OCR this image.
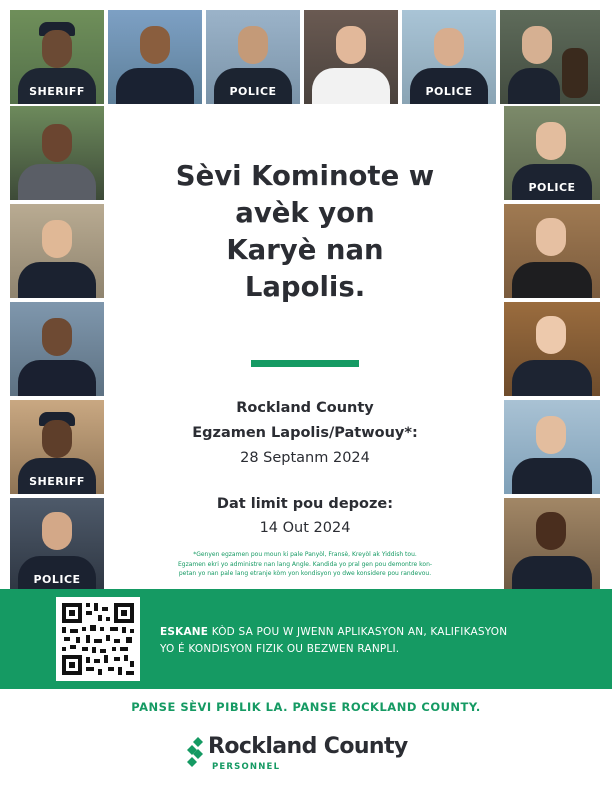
SHERIFF	POLICE	POLICE
SHERIFF
POLICE
POLICE
Sèvi Kominote w
avèk yon
Karyè nan
Lapolis.
Rockland County
Egzamen Lapolis/Patwouy*:
28 Septanm 2024
Dat limit pou depoze:
14 Out 2024
*Genyen egzamen pou moun ki pale Panyòl, Fransè, Kreyòl ak Yiddish tou.
Egzamen ekri yo administre nan lang Angle. Kandida yo pral gen pou demontre kon-
petan yo nan pale lang etranje kòm yon kondisyon yo dwe konsidere pou randevou.
ESKANE KÒD SA POU W JWENN APLIKASYON AN, KALIFIKASYON
YO É KONDISYON FIZIK OU BEZWEN RANPLI.
PANSE SÈVI PIBLIK LA. PANSE ROCKLAND COUNTY.
Rockland County
PERSONNEL
